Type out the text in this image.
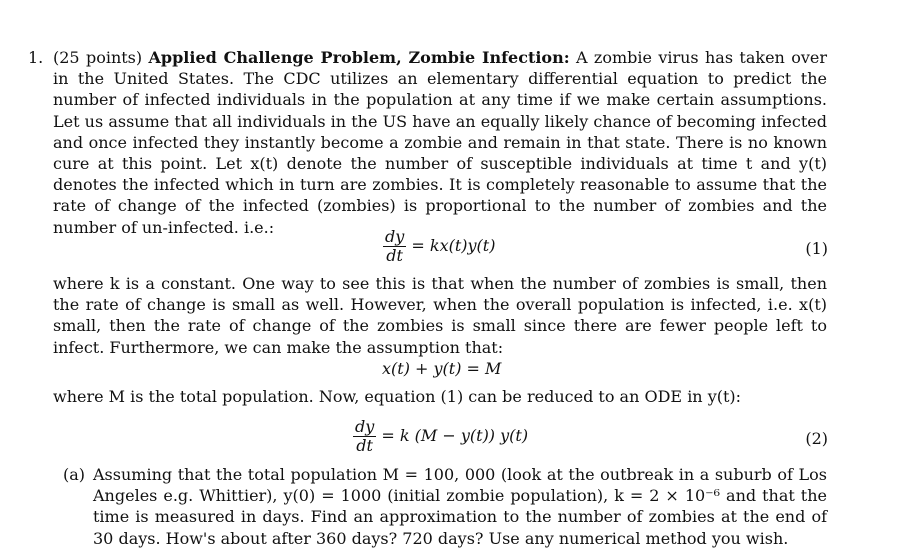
1. (25 points) Applied Challenge Problem, Zombie Infection: A zombie virus has taken over in the United States. The CDC utilizes an elementary differential equation to predict the number of infected individuals in the population at any time if we make certain assumptions. Let us assume that all individuals in the US have an equally likely chance of becoming infected and once infected they instantly become a zombie and remain in that state. There is no known cure at this point. Let x(t) denote the number of susceptible individuals at time t and y(t) denotes the infected which in turn are zombies. It is completely reasonable to assume that the rate of change of the infected (zombies) is proportional to the number of zombies and the number of un-infected. i.e.:
$\frac{dy}{dt} = kx(t)y(t)$	(1)
where k is a constant. One way to see this is that when the number of zombies is small, then the rate of change is small as well. However, when the overall population is infected, i.e. x(t) small, then the rate of change of the zombies is small since there are fewer people left to infect. Furthermore, we can make the assumption that:
x(t) + y(t) = M
where M is the total population. Now, equation (1) can be reduced to an ODE in y(t):
$\frac{dy}{dt} = k$ (M − y(t)) y(t)	(2)
(a) Assuming that the total population M = 100, 000 (look at the outbreak in a suburb of Los Angeles e.g. Whittier), y(0) = 1000 (initial zombie population), k = 2 × 10⁻⁶ and that the time is measured in days. Find an approximation to the number of zombies at the end of 30 days. How's about after 360 days? 720 days? Use any numerical method you wish.
